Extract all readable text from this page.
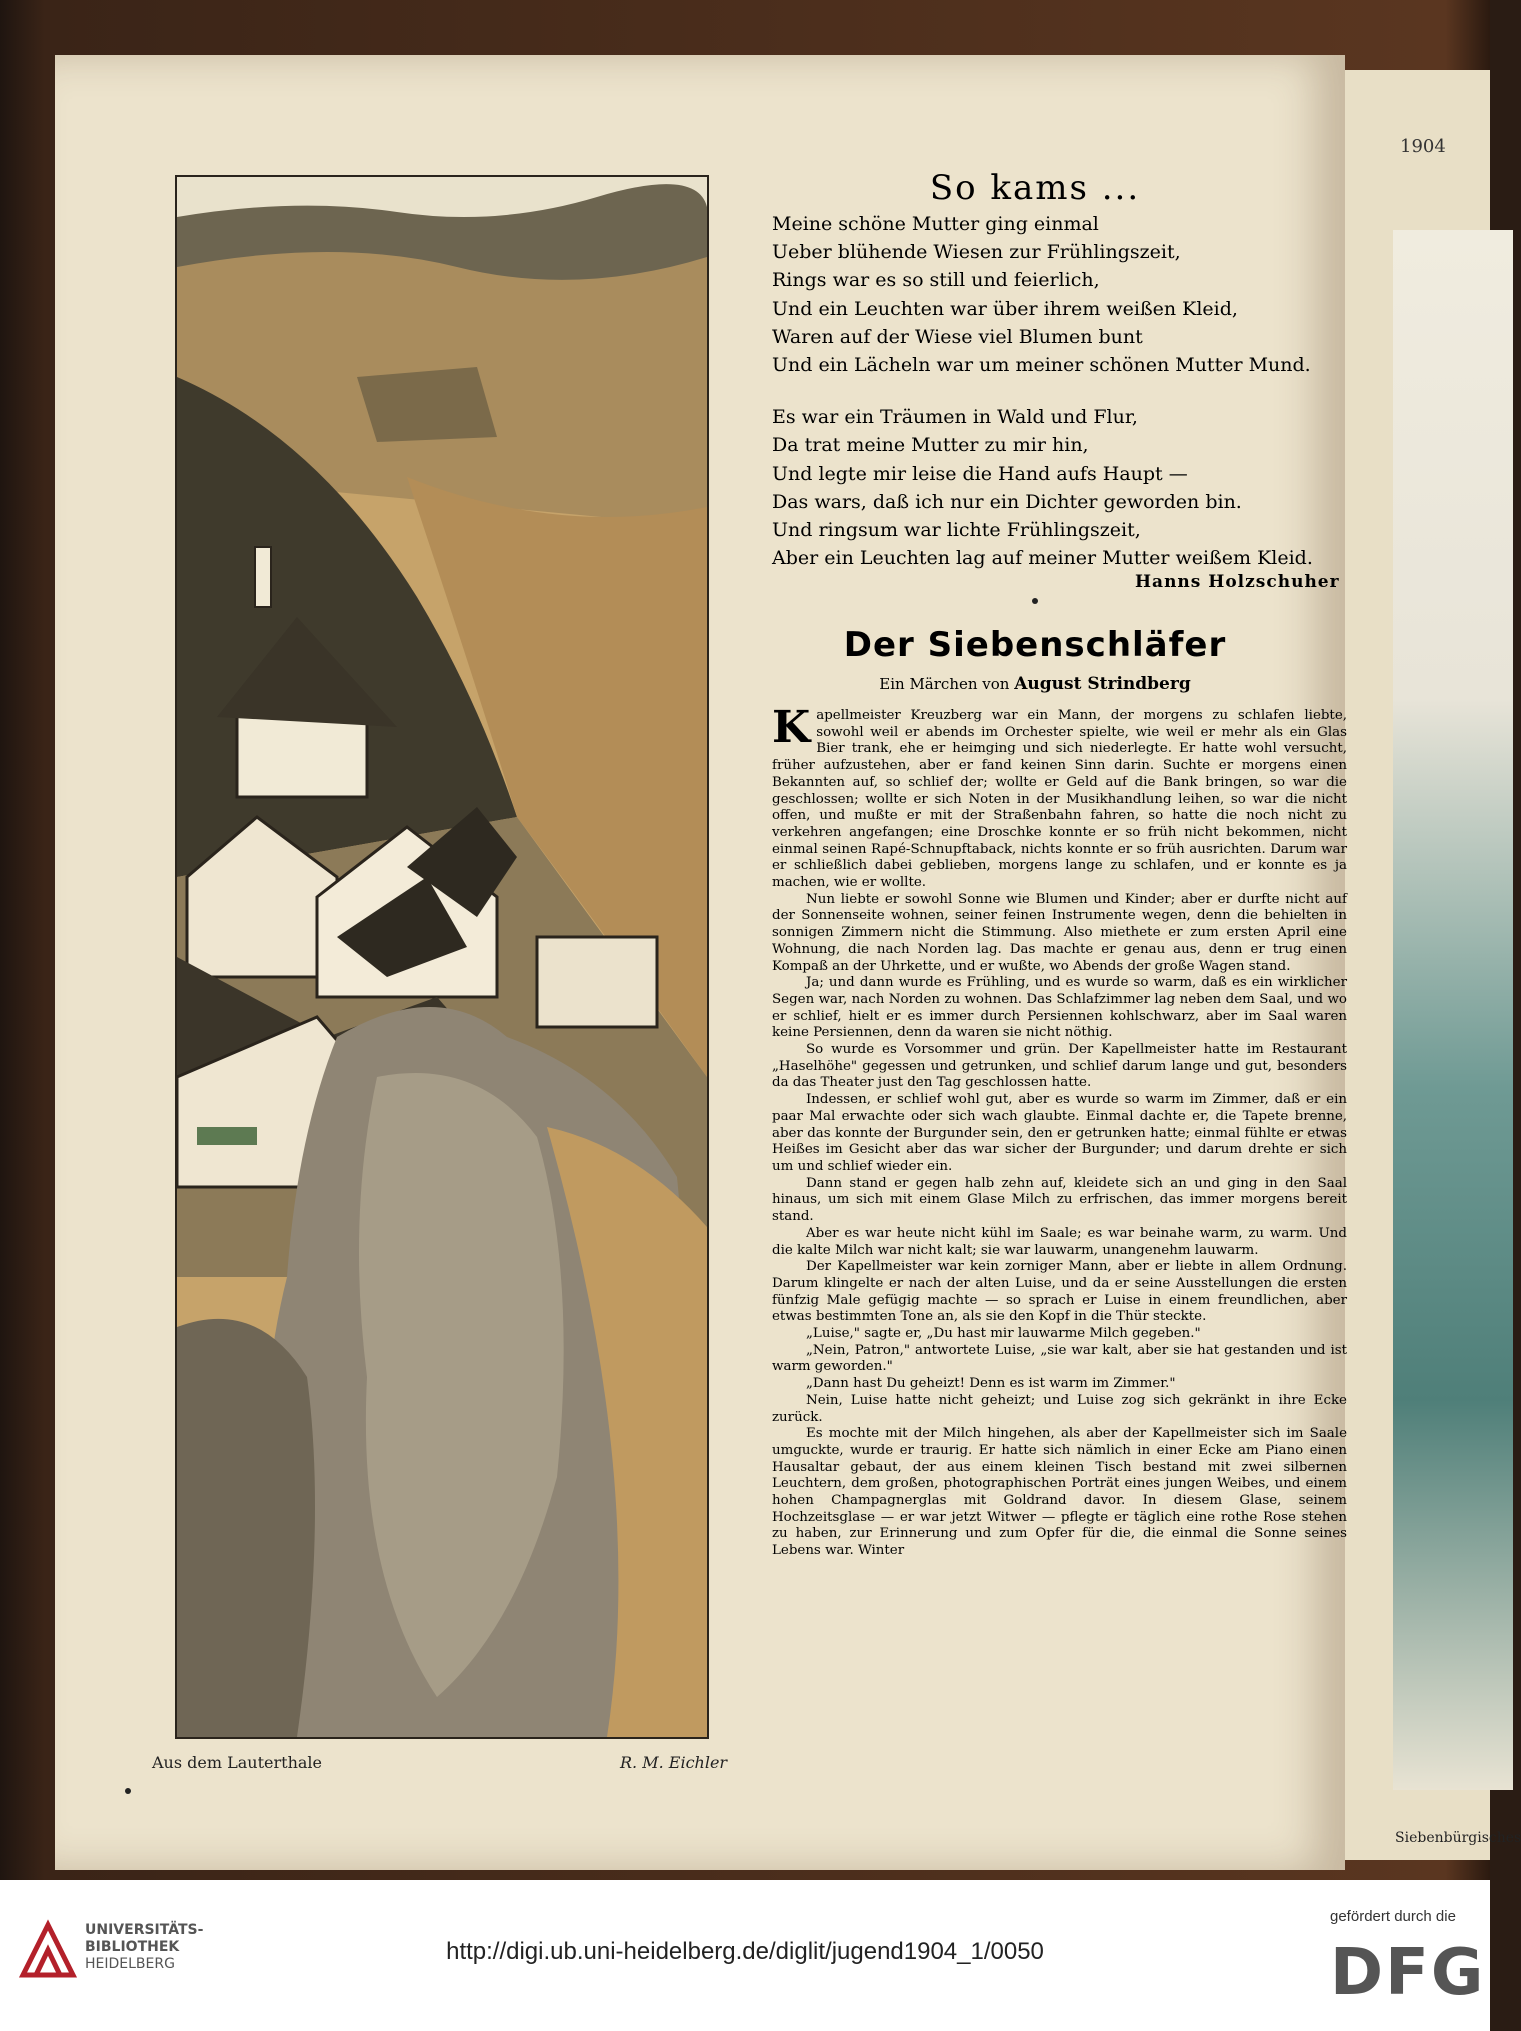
1904
Siebenbürgisches
Aus dem Lauterthale	R. M. Eichler
So kams ...
Meine schöne Mutter ging einmal
Ueber blühende Wiesen zur Frühlingszeit,
Rings war es so still und feierlich,
Und ein Leuchten war über ihrem weißen Kleid,
Waren auf der Wiese viel Blumen bunt
Und ein Lächeln war um meiner schönen Mutter Mund.
Es war ein Träumen in Wald und Flur,
Da trat meine Mutter zu mir hin,
Und legte mir leise die Hand aufs Haupt —
Das wars, daß ich nur ein Dichter geworden bin.
Und ringsum war lichte Frühlingszeit,
Aber ein Leuchten lag auf meiner Mutter weißem Kleid.
Hanns Holzschuher
Der Siebenschläfer
Ein Märchen von August Strindberg

Kapellmeister Kreuzberg war ein Mann, der morgens zu schlafen liebte, sowohl weil er abends im Orchester spielte, wie weil er mehr als ein Glas Bier trank, ehe er heimging und sich niederlegte. Er hatte wohl versucht, früher aufzustehen, aber er fand keinen Sinn darin. Suchte er morgens einen Bekannten auf, so schlief der; wollte er Geld auf die Bank bringen, so war die geschlossen; wollte er sich Noten in der Musikhandlung leihen, so war die nicht offen, und mußte er mit der Straßenbahn fahren, so hatte die noch nicht zu verkehren angefangen; eine Droschke konnte er so früh nicht bekommen, nicht einmal seinen Rapé-Schnupftaback, nichts konnte er so früh ausrichten. Darum war er schließlich dabei geblieben, morgens lange zu schlafen, und er konnte es ja machen, wie er wollte.

Nun liebte er sowohl Sonne wie Blumen und Kinder; aber er durfte nicht auf der Sonnenseite wohnen, seiner feinen Instrumente wegen, denn die behielten in sonnigen Zimmern nicht die Stimmung. Also miethete er zum ersten April eine Wohnung, die nach Norden lag. Das machte er genau aus, denn er trug einen Kompaß an der Uhrkette, und er wußte, wo Abends der große Wagen stand.

Ja; und dann wurde es Frühling, und es wurde so warm, daß es ein wirklicher Segen war, nach Norden zu wohnen. Das Schlafzimmer lag neben dem Saal, und wo er schlief, hielt er es immer durch Persiennen kohlschwarz, aber im Saal waren keine Persiennen, denn da waren sie nicht nöthig.

So wurde es Vorsommer und grün. Der Kapellmeister hatte im Restaurant „Haselhöhe" gegessen und getrunken, und schlief darum lange und gut, besonders da das Theater just den Tag geschlossen hatte.

Indessen, er schlief wohl gut, aber es wurde so warm im Zimmer, daß er ein paar Mal erwachte oder sich wach glaubte. Einmal dachte er, die Tapete brenne, aber das konnte der Burgunder sein, den er getrunken hatte; einmal fühlte er etwas Heißes im Gesicht aber das war sicher der Burgunder; und darum drehte er sich um und schlief wieder ein.

Dann stand er gegen halb zehn auf, kleidete sich an und ging in den Saal hinaus, um sich mit einem Glase Milch zu erfrischen, das immer morgens bereit stand.

Aber es war heute nicht kühl im Saale; es war beinahe warm, zu warm. Und die kalte Milch war nicht kalt; sie war lauwarm, unangenehm lauwarm.

Der Kapellmeister war kein zorniger Mann, aber er liebte in allem Ordnung. Darum klingelte er nach der alten Luise, und da er seine Ausstellungen die ersten fünfzig Male gefügig machte — so sprach er Luise in einem freundlichen, aber etwas bestimmten Tone an, als sie den Kopf in die Thür steckte.

„Luise," sagte er, „Du hast mir lauwarme Milch gegeben."

„Nein, Patron," antwortete Luise, „sie war kalt, aber sie hat gestanden und ist warm geworden."

„Dann hast Du geheizt! Denn es ist warm im Zimmer."

Nein, Luise hatte nicht geheizt; und Luise zog sich gekränkt in ihre Ecke zurück.

Es mochte mit der Milch hingehen, als aber der Kapellmeister sich im Saale umguckte, wurde er traurig. Er hatte sich nämlich in einer Ecke am Piano einen Hausaltar gebaut, der aus einem kleinen Tisch bestand mit zwei silbernen Leuchtern, dem großen, photographischen Porträt eines jungen Weibes, und einem hohen Champagnerglas mit Goldrand davor. In diesem Glase, seinem Hochzeitsglase — er war jetzt Witwer — pflegte er täglich eine rothe Rose stehen zu haben, zur Erinnerung und zum Opfer für die, die einmal die Sonne seines Lebens war. Winter

UNIVERSITÄTS-
BIBLIOTHEK
HEIDELBERG	http://digi.ub.uni-heidelberg.de/diglit/jugend1904_1/0050
gefördert durch die
DFG
